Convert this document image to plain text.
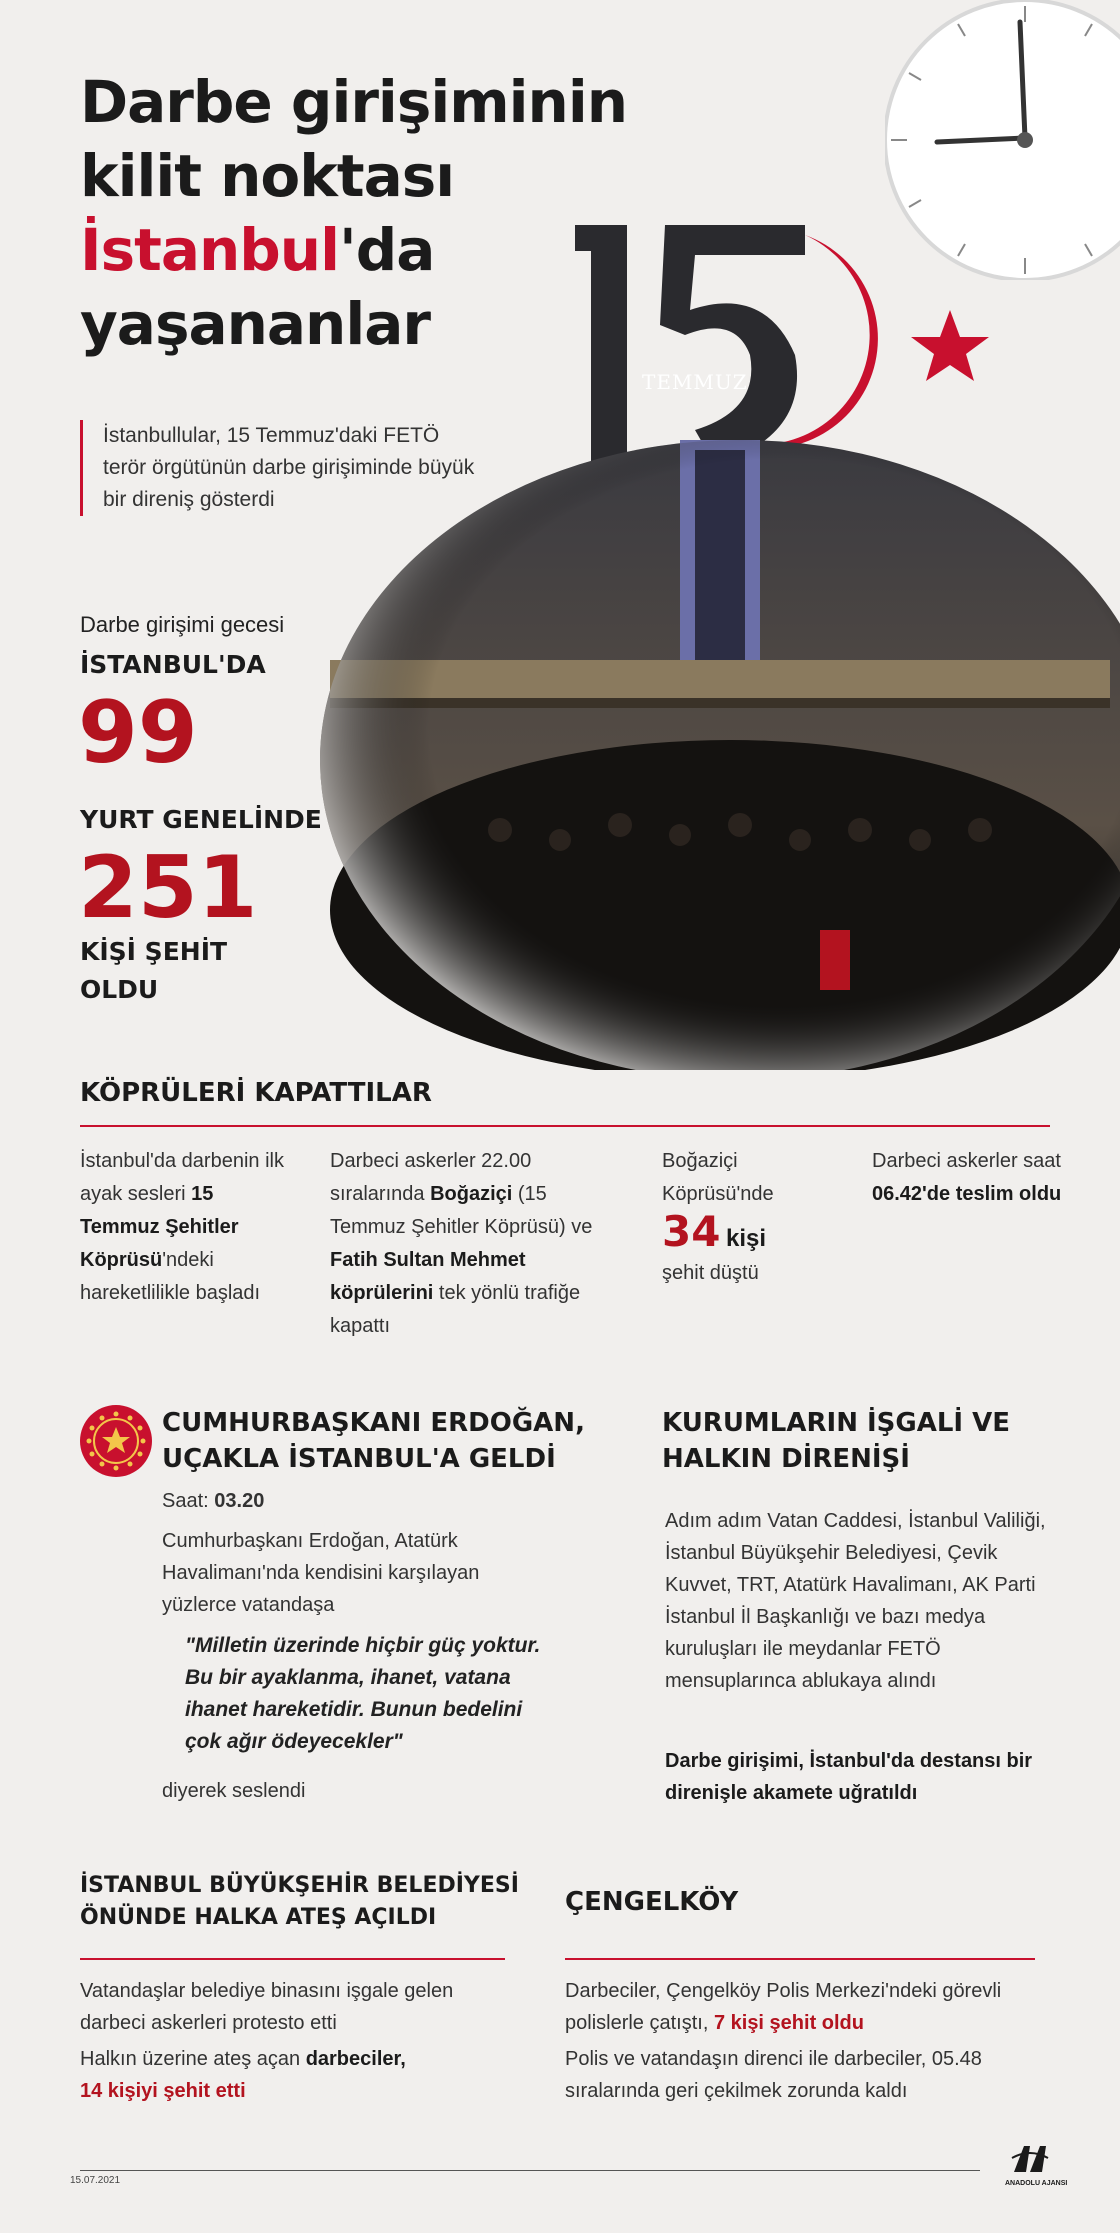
Darbe girişiminin
kilit noktası
İstanbul'da
yaşananlar
TEMMUZ
İstanbullular, 15 Temmuz'daki FETÖ terör örgütünün darbe girişiminde büyük bir direniş gösterdi
Darbe girişimi gecesi
İSTANBUL'DA
99
YURT GENELİNDE
251
KİŞİ ŞEHİT
OLDU
KÖPRÜLERİ KAPATTILAR
İstanbul'da darbenin ilk ayak sesleri 15 Temmuz Şehitler Köprüsü'ndeki hareketlilikle başladı
Darbeci askerler 22.00 sıralarında Boğaziçi (15 Temmuz Şehitler Köprüsü) ve Fatih Sultan Mehmet köprülerini tek yönlü trafiğe kapattı
Boğaziçi Köprüsü'nde
34 kişi
şehit düştü
Darbeci askerler saat 06.42'de teslim oldu
CUMHURBAŞKANI ERDOĞAN,
UÇAKLA İSTANBUL'A GELDİ
Saat: 03.20
Cumhurbaşkanı Erdoğan, Atatürk Havalimanı'nda kendisini karşılayan yüzlerce vatandaşa
"Milletin üzerinde hiçbir güç yoktur. Bu bir ayaklanma, ihanet, vatana ihanet hareketidir. Bunun bedelini çok ağır ödeyecekler"
diyerek seslendi
KURUMLARIN İŞGALİ VE
HALKIN DİRENİŞİ
Adım adım Vatan Caddesi, İstanbul Valiliği, İstanbul Büyükşehir Belediyesi, Çevik Kuvvet, TRT, Atatürk Havalimanı, AK Parti İstanbul İl Başkanlığı ve bazı medya kuruluşları ile meydanlar FETÖ mensuplarınca ablukaya alındı
Darbe girişimi, İstanbul'da destansı bir direnişle akamete uğratıldı
İSTANBUL BÜYÜKŞEHİR BELEDİYESİ
ÖNÜNDE HALKA ATEŞ AÇILDI
Vatandaşlar belediye binasını işgale gelen darbeci askerleri protesto etti
Halkın üzerine ateş açan darbeciler,
14 kişiyi şehit etti
ÇENGELKÖY
Darbeciler, Çengelköy Polis Merkezi'ndeki görevli polislerle çatıştı, 7 kişi şehit oldu
Polis ve vatandaşın direnci ile darbeciler, 05.48 sıralarında geri çekilmek zorunda kaldı
15.07.2021	ANADOLU AJANSI
